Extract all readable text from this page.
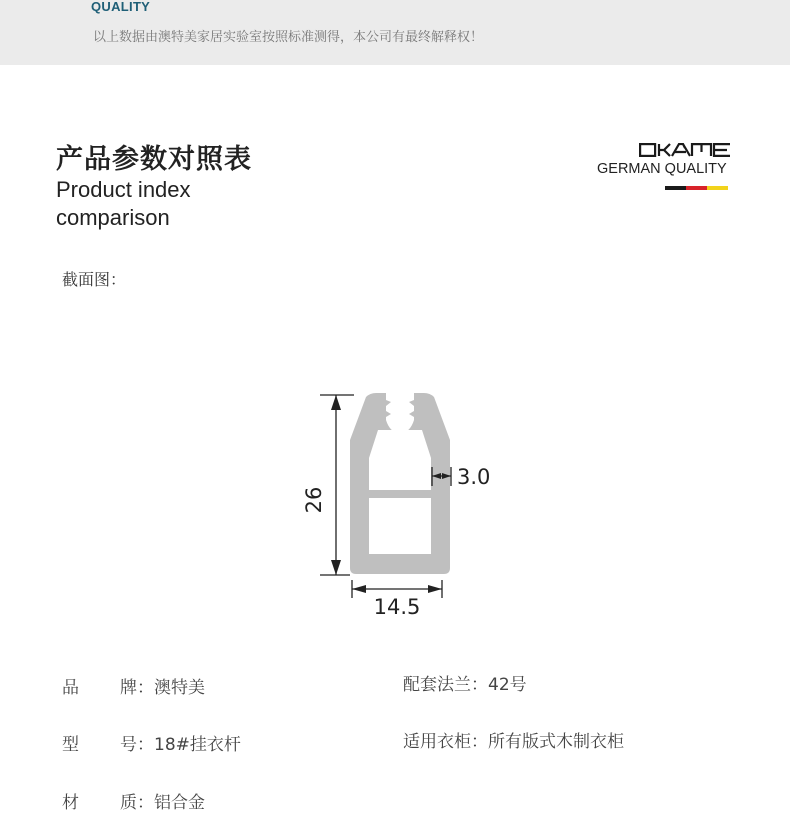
QUALITY
以上数据由澳特美家居实验室按照标准测得，本公司有最终解释权！
产品参数对照表
Product index comparison
GERMAN QUALITY
截面图：
26
14.5
3.0
品 牌：澳特美	配套法兰：42号
型 号：18#挂衣杆	适用衣柜：所有版式木制衣柜
材 质：铝合金
